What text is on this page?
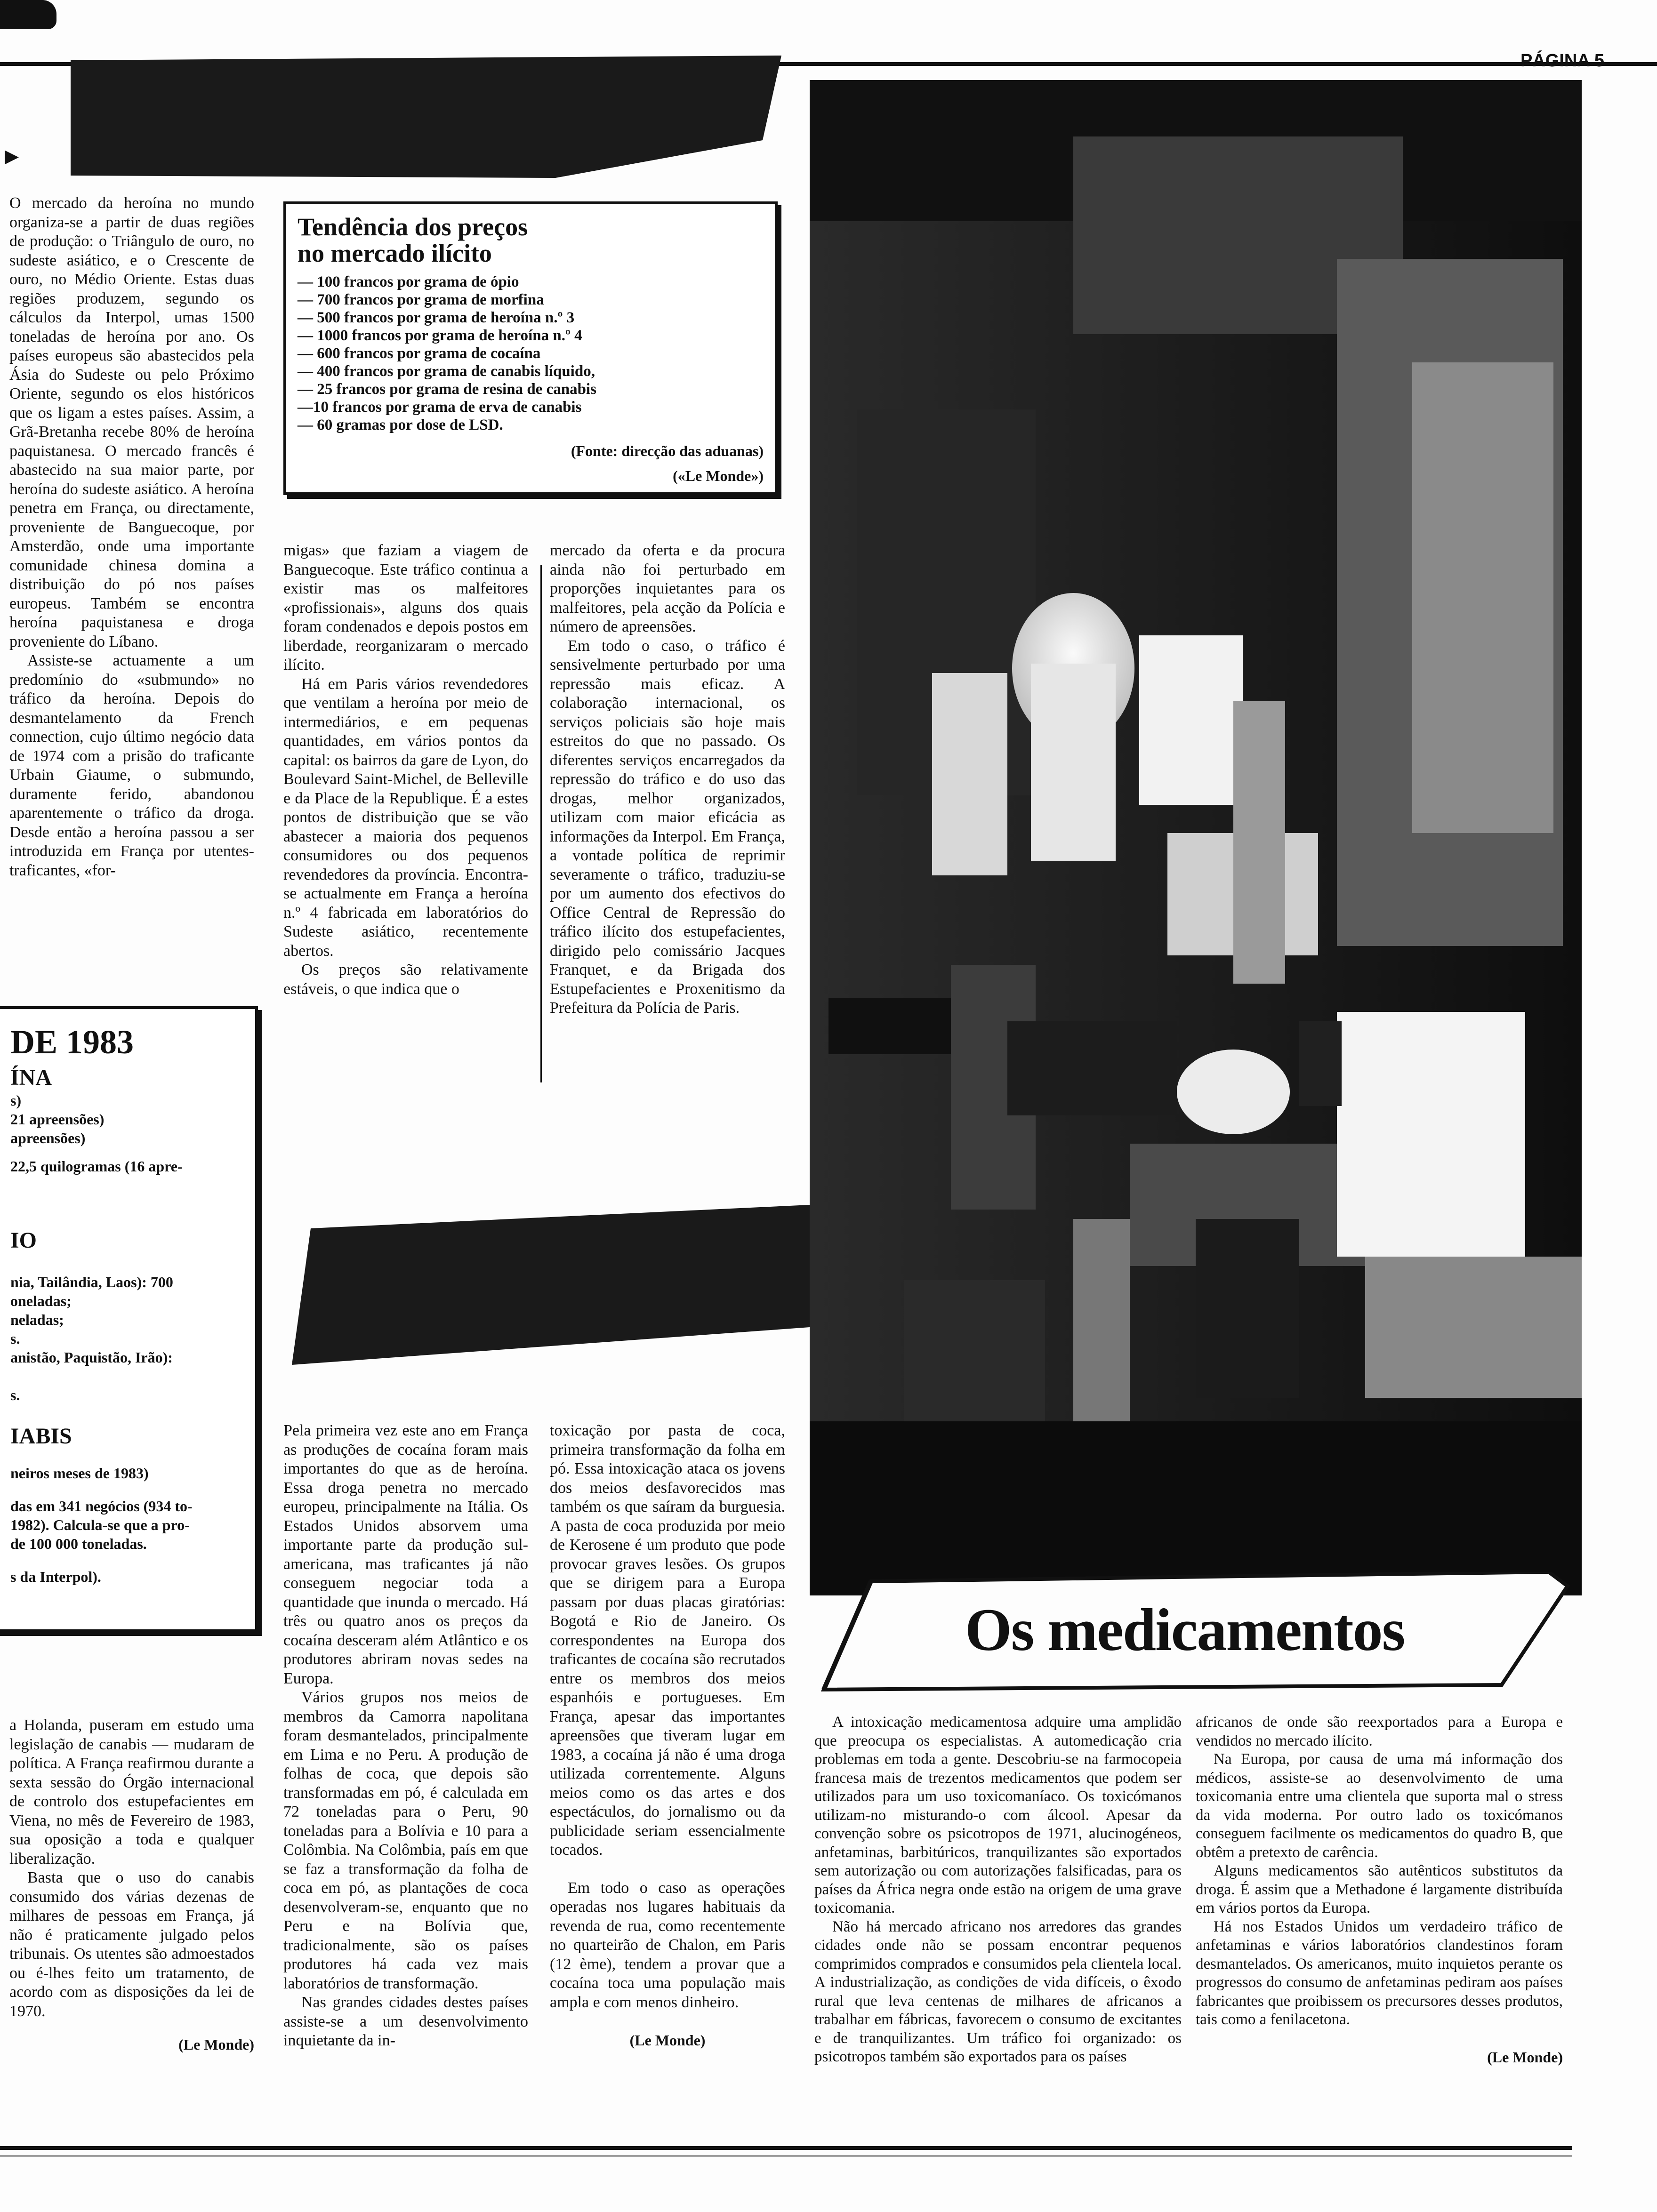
PÁGINA 5
▸
Tendência dos preços
no mercado ilícito
— 100 francos por grama de ópio
— 700 francos por grama de morfina
— 500 francos por grama de heroína n.º 3
— 1000 francos por grama de heroína n.º 4
— 600 francos por grama de cocaína
— 400 francos por grama de canabis líquido,
— 25 francos por grama de resina de canabis
—10 francos por grama de erva de canabis
— 60 gramas por dose de LSD.
(Fonte: direcção das aduanas)
(«Le Monde»)

O mercado da heroína no mundo organiza-se a partir de duas regiões de produção: o Triângulo de ouro, no sudeste asiático, e o Crescente de ouro, no Médio Oriente. Estas duas regiões produzem, segundo os cálculos da Interpol, umas 1500 toneladas de heroína por ano. Os países europeus são abastecidos pela Ásia do Sudeste ou pelo Próximo Oriente, segundo os elos históricos que os ligam a estes países. Assim, a Grã-Bretanha recebe 80% de heroína paquistanesa. O mercado francês é abastecido na sua maior parte, por heroína do sudeste asiático. A heroína penetra em França, ou directamente, proveniente de Banguecoque, por Amsterdão, onde uma importante comunidade chinesa domina a distribuição do pó nos países europeus. Também se encontra heroína paquistanesa e droga proveniente do Líbano.

Assiste-se actuamente a um predomínio do «submundo» no tráfico da heroína. Depois do desmantelamento da French connection, cujo último negócio data de 1974 com a prisão do traficante Urbain Giaume, o submundo, duramente ferido, abandonou aparentemente o tráfico da droga. Desde então a heroína passou a ser introduzida em França por utentes-traficantes, «for-

migas» que faziam a viagem de Banguecoque. Este tráfico continua a existir mas os malfeitores «profissionais», alguns dos quais foram condenados e depois postos em liberdade, reorganizaram o mercado ilícito.

Há em Paris vários revendedores que ventilam a heroína por meio de intermediários, e em pequenas quantidades, em vários pontos da capital: os bairros da gare de Lyon, do Boulevard Saint-Michel, de Belleville e da Place de la Republique. É a estes pontos de distribuição que se vão abastecer a maioria dos pequenos consumidores ou dos pequenos revendedores da província. Encontra-se actualmente em França a heroína n.º 4 fabricada em laboratórios do Sudeste asiático, recentemente abertos.

Os preços são relativamente estáveis, o que indica que o

mercado da oferta e da procura ainda não foi perturbado em proporções inquietantes para os malfeitores, pela acção da Polícia e número de apreensões.

Em todo o caso, o tráfico é sensivelmente perturbado por uma repressão mais eficaz. A colaboração internacional, os serviços policiais são hoje mais estreitos do que no passado. Os diferentes serviços encarregados da repressão do tráfico e do uso das drogas, melhor organizados, utilizam com maior eficácia as informações da Interpol. Em França, a vontade política de reprimir severamente o tráfico, traduziu-se por um aumento dos efectivos do Office Central de Repressão do tráfico ilícito dos estupefacientes, dirigido pelo comissário Jacques Franquet, e da Brigada dos Estupefacientes e Proxenitismo da Prefeitura da Polícia de Paris.

DE 1983
ÍNA
s)
21 apreensões)
apreensões)
22,5 quilogramas (16 apre-
IO
nia, Tailândia, Laos): 700
oneladas;
neladas;
s.
anistão, Paquistão, Irão):
s.
IABIS
neiros meses de 1983)
das em 341 negócios (934 to-
1982). Calcula-se que a pro-
de 100 000 toneladas.
s da Interpol).

a Holanda, puseram em estudo uma legislação de canabis — mudaram de política. A França reafirmou durante a sexta sessão do Órgão internacional de controlo dos estupefacientes em Viena, no mês de Fevereiro de 1983, sua oposição a toda e qualquer liberalização.

Basta que o uso do canabis consumido dos várias dezenas de milhares de pessoas em França, já não é praticamente julgado pelos tribunais. Os utentes são admoestados ou é-lhes feito um tratamento, de acordo com as disposições da lei de 1970.

(Le Monde)

Pela primeira vez este ano em França as produções de cocaína foram mais importantes do que as de heroína. Essa droga penetra no mercado europeu, principalmente na Itália. Os Estados Unidos absorvem uma importante parte da produção sul-americana, mas traficantes já não conseguem negociar toda a quantidade que inunda o mercado. Há três ou quatro anos os preços da cocaína desceram além Atlântico e os produtores abriram novas sedes na Europa.

Vários grupos nos meios de membros da Camorra napolitana foram desmantelados, principalmente em Lima e no Peru. A produção de folhas de coca, que depois são transformadas em pó, é calculada em 72 toneladas para o Peru, 90 toneladas para a Bolívia e 10 para a Colômbia. Na Colômbia, país em que se faz a transformação da folha de coca em pó, as plantações de coca desenvolveram-se, enquanto que no Peru e na Bolívia que, tradicionalmente, são os países produtores há cada vez mais laboratórios de transformação.

Nas grandes cidades destes países assiste-se a um desenvolvimento inquietante da in-

toxicação por pasta de coca, primeira transformação da folha em pó. Essa intoxicação ataca os jovens dos meios desfavorecidos mas também os que saíram da burguesia. A pasta de coca produzida por meio de Kerosene é um produto que pode provocar graves lesões. Os grupos que se dirigem para a Europa passam por duas placas giratórias: Bogotá e Rio de Janeiro. Os correspondentes na Europa dos traficantes de cocaína são recrutados entre os membros dos meios espanhóis e portugueses. Em França, apesar das importantes apreensões que tiveram lugar em 1983, a cocaína já não é uma droga utilizada correntemente. Alguns meios como os das artes e dos espectáculos, do jornalismo ou da publicidade seriam essencialmente tocados.

Em todo o caso as operações operadas nos lugares habituais da revenda de rua, como recentemente no quarteirão de Chalon, em Paris (12 ème), tendem a provar que a cocaína toca uma população mais ampla e com menos dinheiro.

(Le Monde)
Os medicamentos

A intoxicação medicamentosa adquire uma amplidão que preocupa os especialistas. A automedicação cria problemas em toda a gente. Descobriu-se na farmocopeia francesa mais de trezentos medicamentos que podem ser utilizados para um uso toxicomaníaco. Os toxicómanos utilizam-no misturando-o com álcool. Apesar da convenção sobre os psicotropos de 1971, alucinogéneos, anfetaminas, barbitúricos, tranquilizantes são exportados sem autorização ou com autorizações falsificadas, para os países da África negra onde estão na origem de uma grave toxicomania.

Não há mercado africano nos arredores das grandes cidades onde não se possam encontrar pequenos comprimidos comprados e consumidos pela clientela local. A industrialização, as condições de vida difíceis, o êxodo rural que leva centenas de milhares de africanos a trabalhar em fábricas, favorecem o consumo de excitantes e de tranquilizantes. Um tráfico foi organizado: os psicotropos também são exportados para os países

africanos de onde são reexportados para a Europa e vendidos no mercado ilícito.

Na Europa, por causa de uma má informação dos médicos, assiste-se ao desenvolvimento de uma toxicomania entre uma clientela que suporta mal o stress da vida moderna. Por outro lado os toxicómanos conseguem facilmente os medicamentos do quadro B, que obtêm a pretexto de carência.

Alguns medicamentos são autênticos substitutos da droga. É assim que a Methadone é largamente distribuída em vários portos da Europa.

Há nos Estados Unidos um verdadeiro tráfico de anfetaminas e vários laboratórios clandestinos foram desmantelados. Os americanos, muito inquietos perante os progressos do consumo de anfetaminas pediram aos países fabricantes que proibissem os precursores desses produtos, tais como a fenilacetona.

(Le Monde)
